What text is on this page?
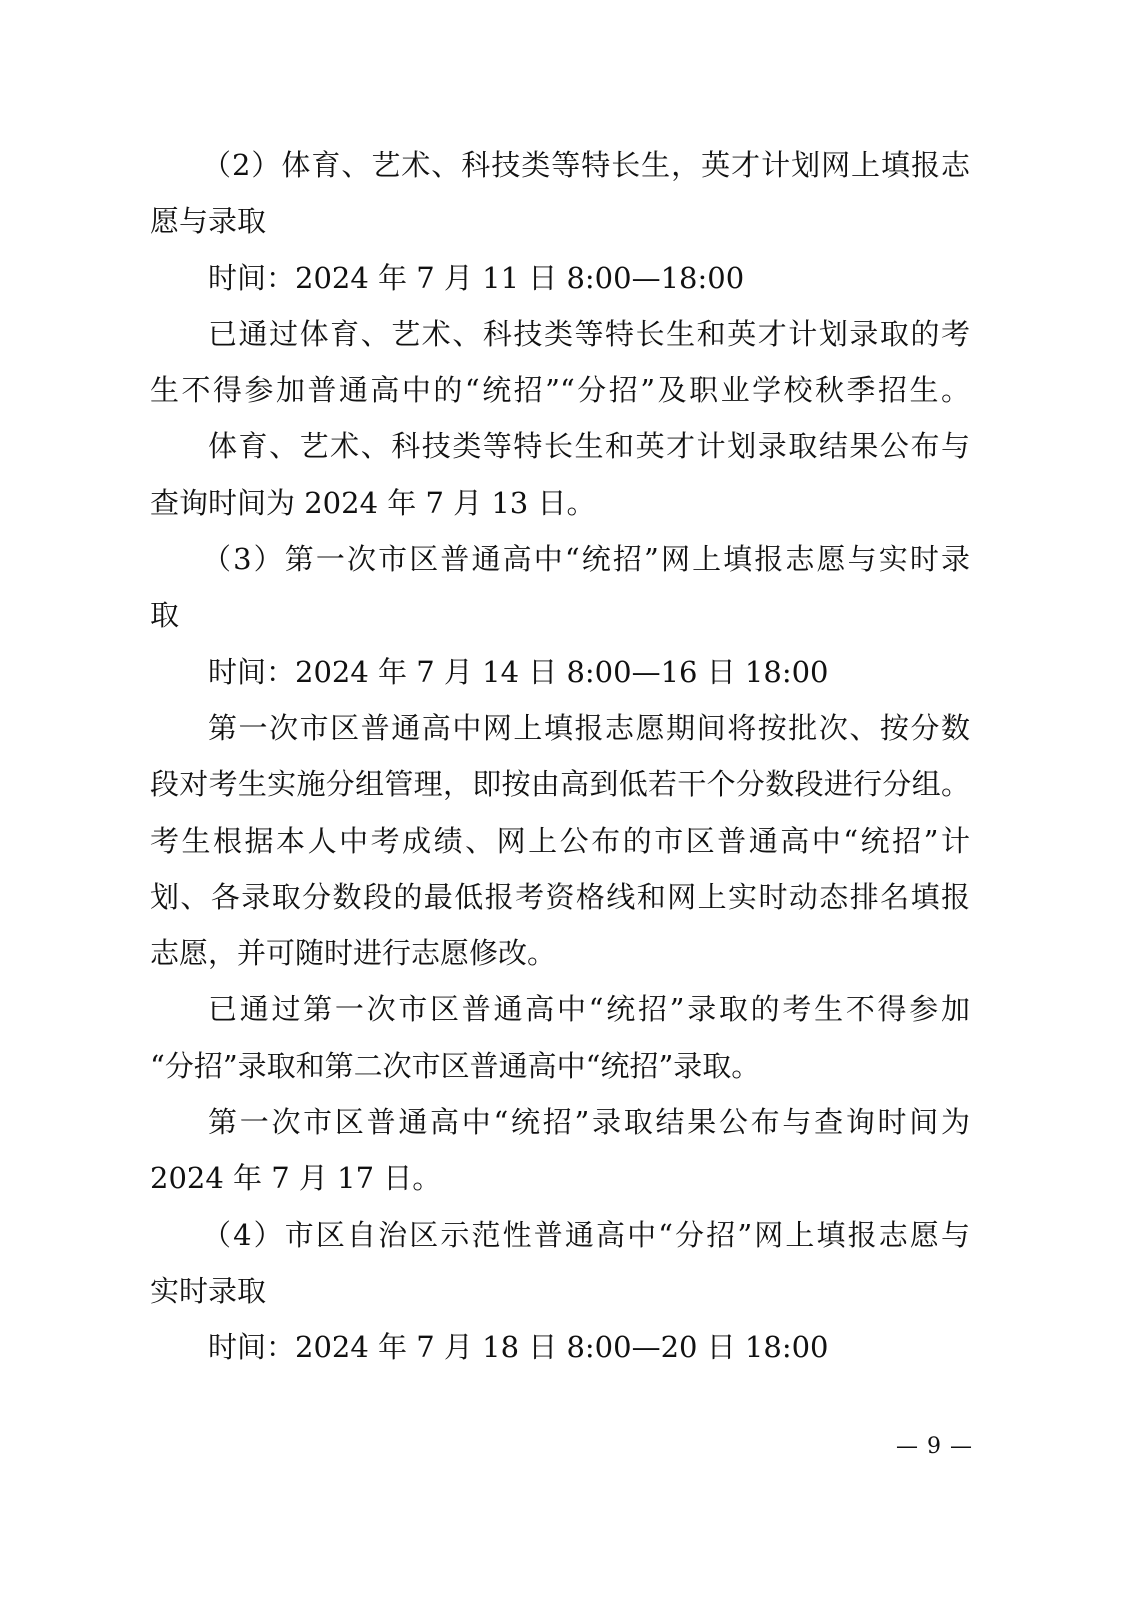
（2）体育、艺术、科技类等特长生，英才计划网上填报志
愿与录取
时间：2024 年 7 月 11 日 8:00—18:00
已通过体育、艺术、科技类等特长生和英才计划录取的考
生不得参加普通高中的“统招”“分招”及职业学校秋季招生。
体育、艺术、科技类等特长生和英才计划录取结果公布与
查询时间为 2024 年 7 月 13 日。
（3）第一次市区普通高中“统招”网上填报志愿与实时录
取
时间：2024 年 7 月 14 日 8:00—16 日 18:00
第一次市区普通高中网上填报志愿期间将按批次、按分数
段对考生实施分组管理，即按由高到低若干个分数段进行分组。
考生根据本人中考成绩、网上公布的市区普通高中“统招”计
划、各录取分数段的最低报考资格线和网上实时动态排名填报
志愿，并可随时进行志愿修改。
已通过第一次市区普通高中“统招”录取的考生不得参加
“分招”录取和第二次市区普通高中“统招”录取。
第一次市区普通高中“统招”录取结果公布与查询时间为
2024 年 7 月 17 日。
（4）市区自治区示范性普通高中“分招”网上填报志愿与
实时录取
时间：2024 年 7 月 18 日 8:00—20 日 18:00
— 9 —
